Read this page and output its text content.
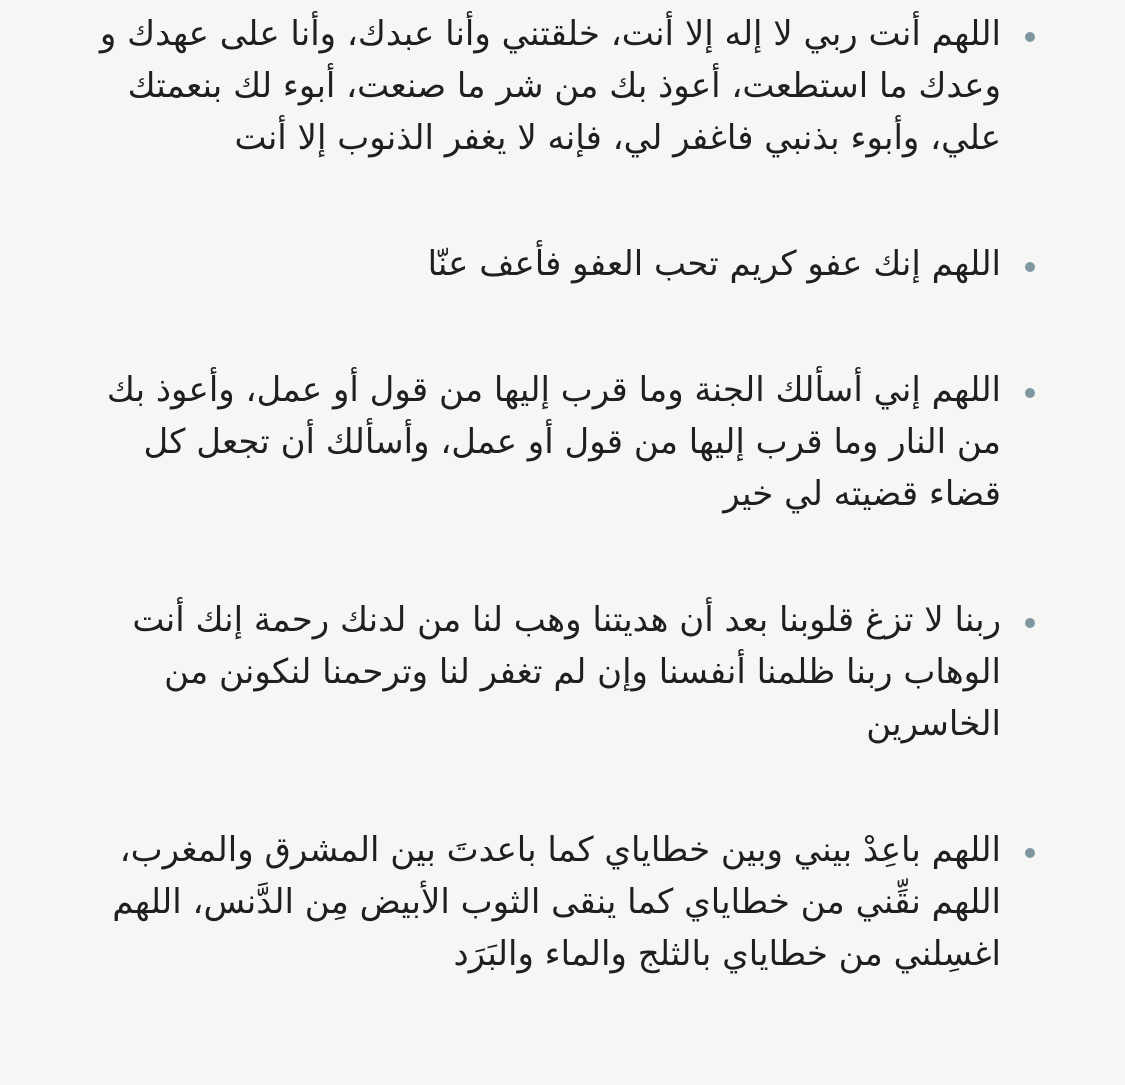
اللهم أنت ربي لا إله إلا أنت، خلقتني وأنا عبدك، وأنا على عهدك و وعدك ما استطعت، أعوذ بك من شر ما صنعت، أبوء لك بنعمتك علي، وأبوء بذنبي فاغفر لي، فإنه لا يغفر الذنوب إلا أنت
اللهم إنك عفو كريم تحب العفو فأعف عنّا
اللهم إني أسألك الجنة وما قرب إليها من قول أو عمل، وأعوذ بك من النار وما قرب إليها من قول أو عمل، وأسألك أن تجعل كل قضاء قضيته لي خير
ربنا لا تزغ قلوبنا بعد أن هديتنا وهب لنا من لدنك رحمة إنك أنت الوهاب ربنا ظلمنا أنفسنا وإن لم تغفر لنا وترحمنا لنكونن من الخاسرين
اللهم باعِدْ بيني وبين خطاياي كما باعدتَ بين المشرق والمغرب، اللهم نقِّني من خطاياي كما ينقى الثوب الأبيض مِن الدَّنس، اللهم اغسِلني من خطاياي بالثلج والماء والبَرَد
